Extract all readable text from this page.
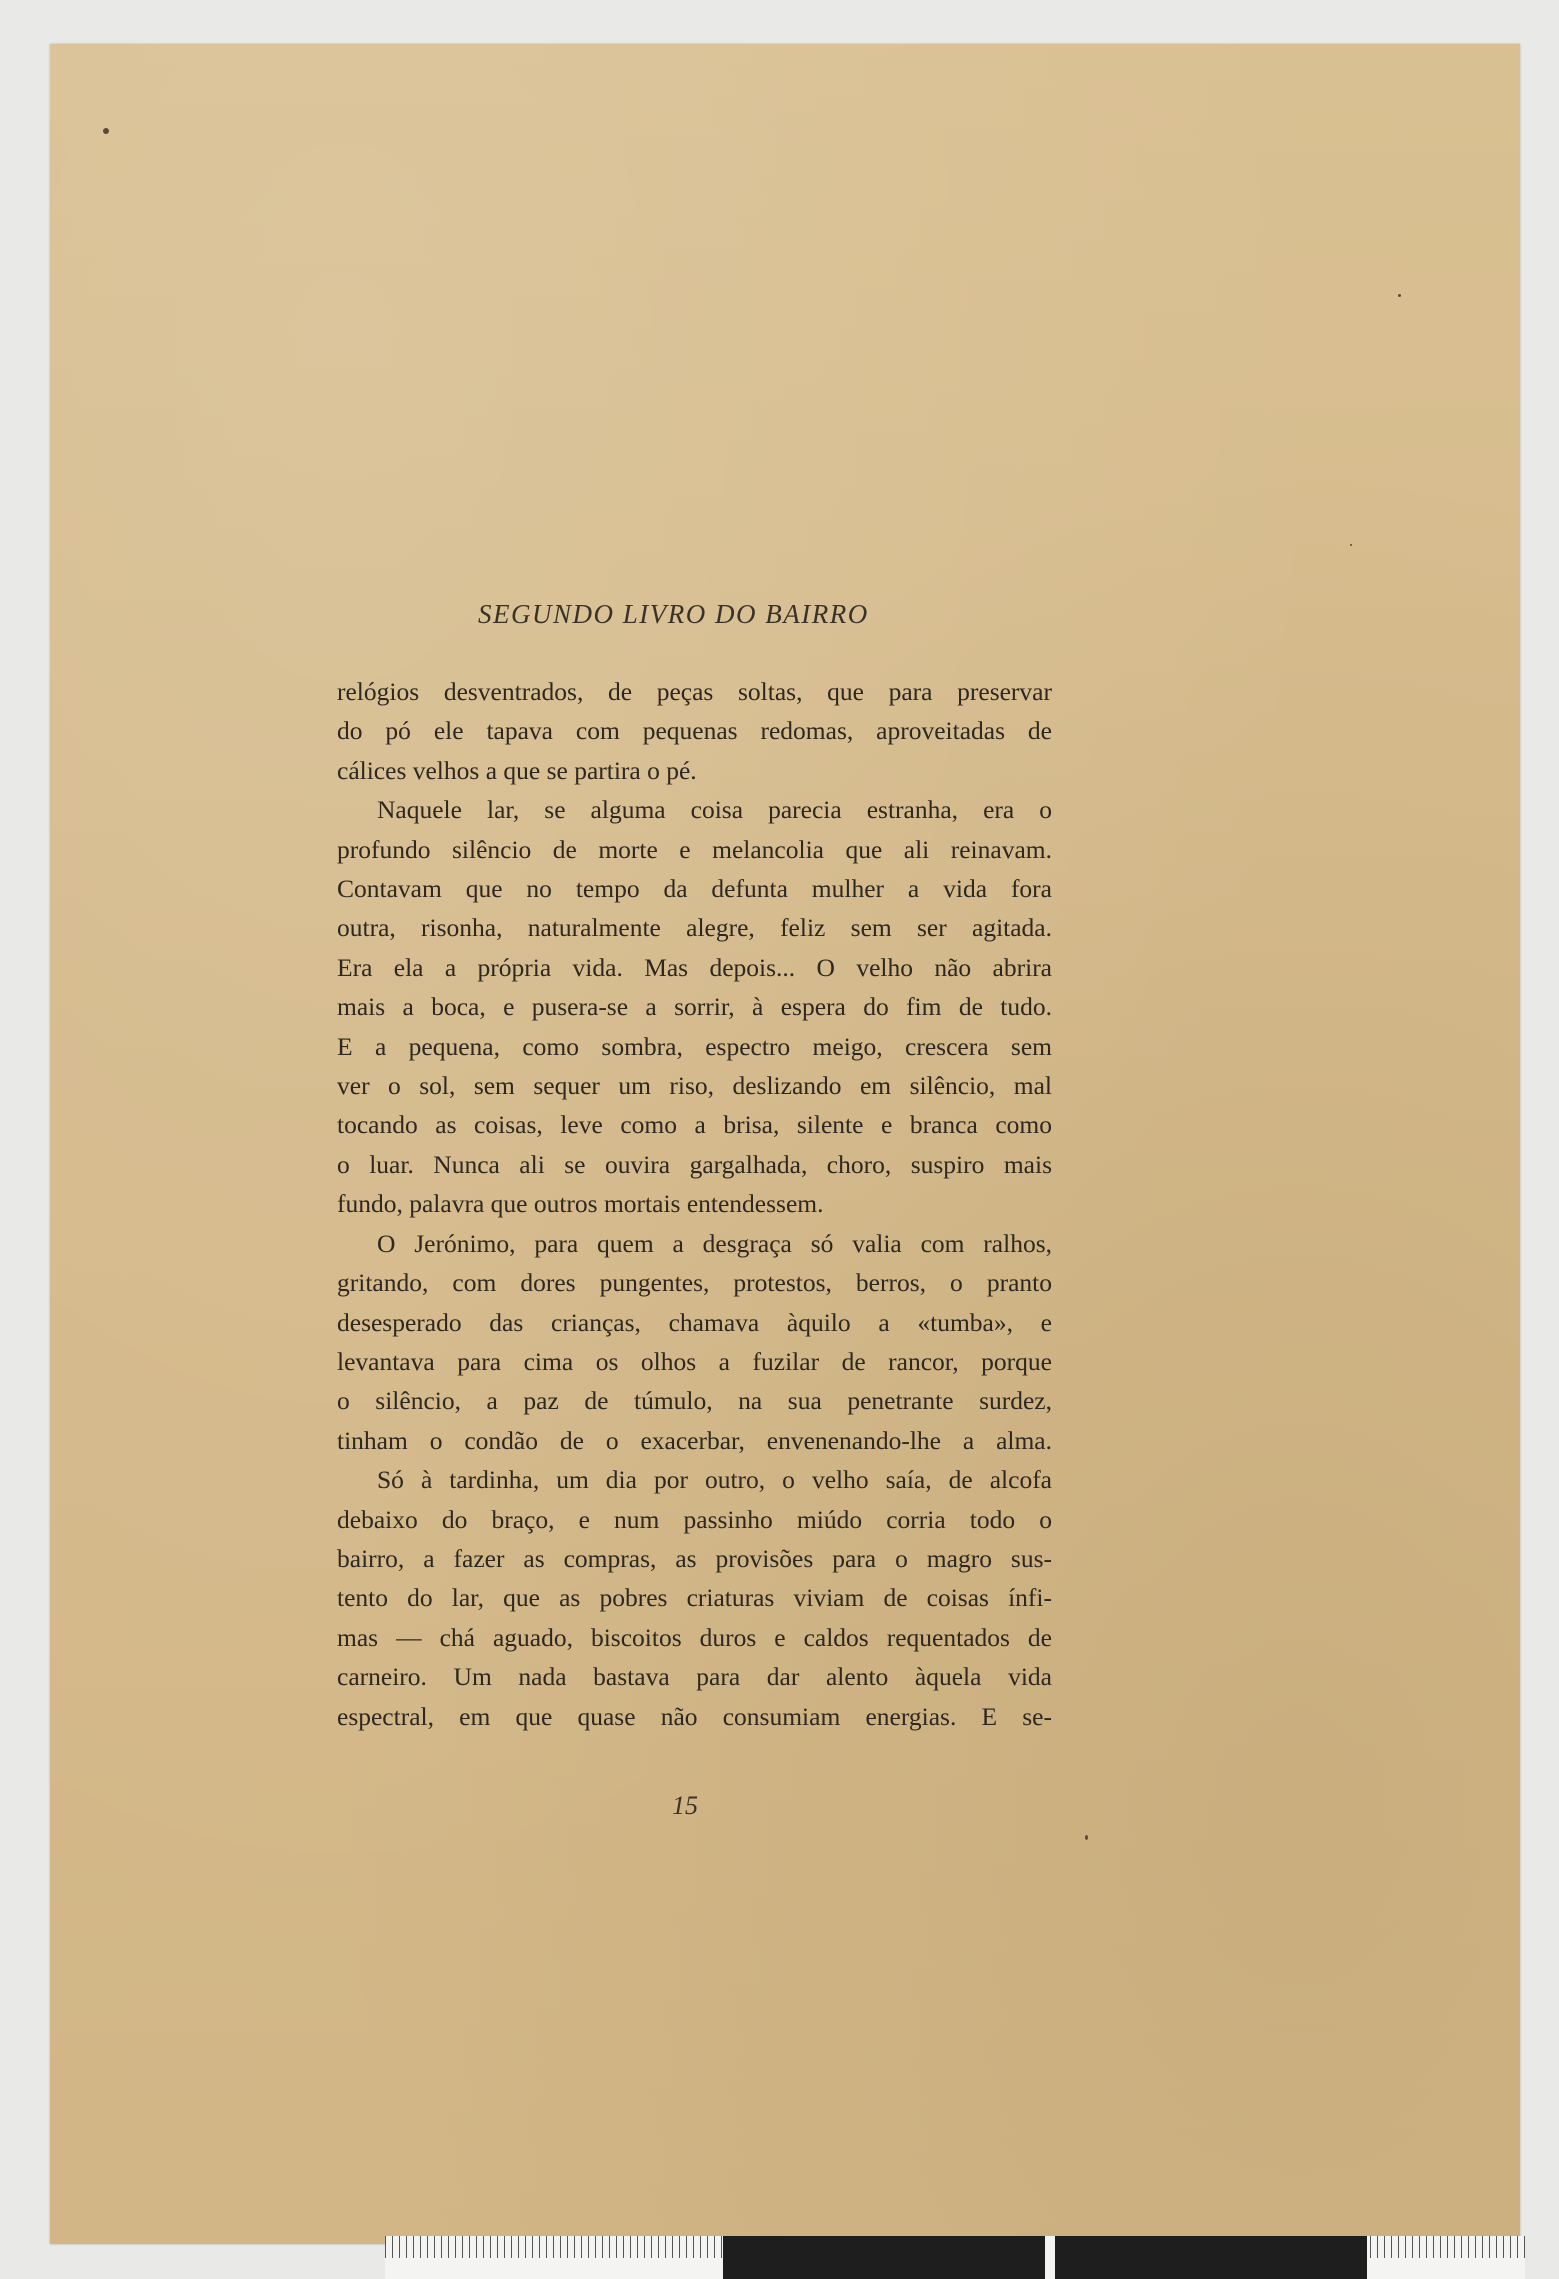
SEGUNDO LIVRO DO BAIRRO
relógios desventrados, de peças soltas, que para preservar
do pó ele tapava com pequenas redomas, aproveitadas de
cálices velhos a que se partira o pé.
Naquele lar, se alguma coisa parecia estranha, era o
profundo silêncio de morte e melancolia que ali reinavam.
Contavam que no tempo da defunta mulher a vida fora
outra, risonha, naturalmente alegre, feliz sem ser agitada.
Era ela a própria vida. Mas depois... O velho não abrira
mais a boca, e pusera-se a sorrir, à espera do fim de tudo.
E a pequena, como sombra, espectro meigo, crescera sem
ver o sol, sem sequer um riso, deslizando em silêncio, mal
tocando as coisas, leve como a brisa, silente e branca como
o luar. Nunca ali se ouvira gargalhada, choro, suspiro mais
fundo, palavra que outros mortais entendessem.
O Jerónimo, para quem a desgraça só valia com ralhos,
gritando, com dores pungentes, protestos, berros, o pranto
desesperado das crianças, chamava àquilo a «tumba», e
levantava para cima os olhos a fuzilar de rancor, porque
o silêncio, a paz de túmulo, na sua penetrante surdez,
tinham o condão de o exacerbar, envenenando-lhe a alma.
Só à tardinha, um dia por outro, o velho saía, de alcofa
debaixo do braço, e num passinho miúdo corria todo o
bairro, a fazer as compras, as provisões para o magro sus-
tento do lar, que as pobres criaturas viviam de coisas ínfi-
mas — chá aguado, biscoitos duros e caldos requentados de
carneiro. Um nada bastava para dar alento àquela vida
espectral, em que quase não consumiam energias. E se-
15
